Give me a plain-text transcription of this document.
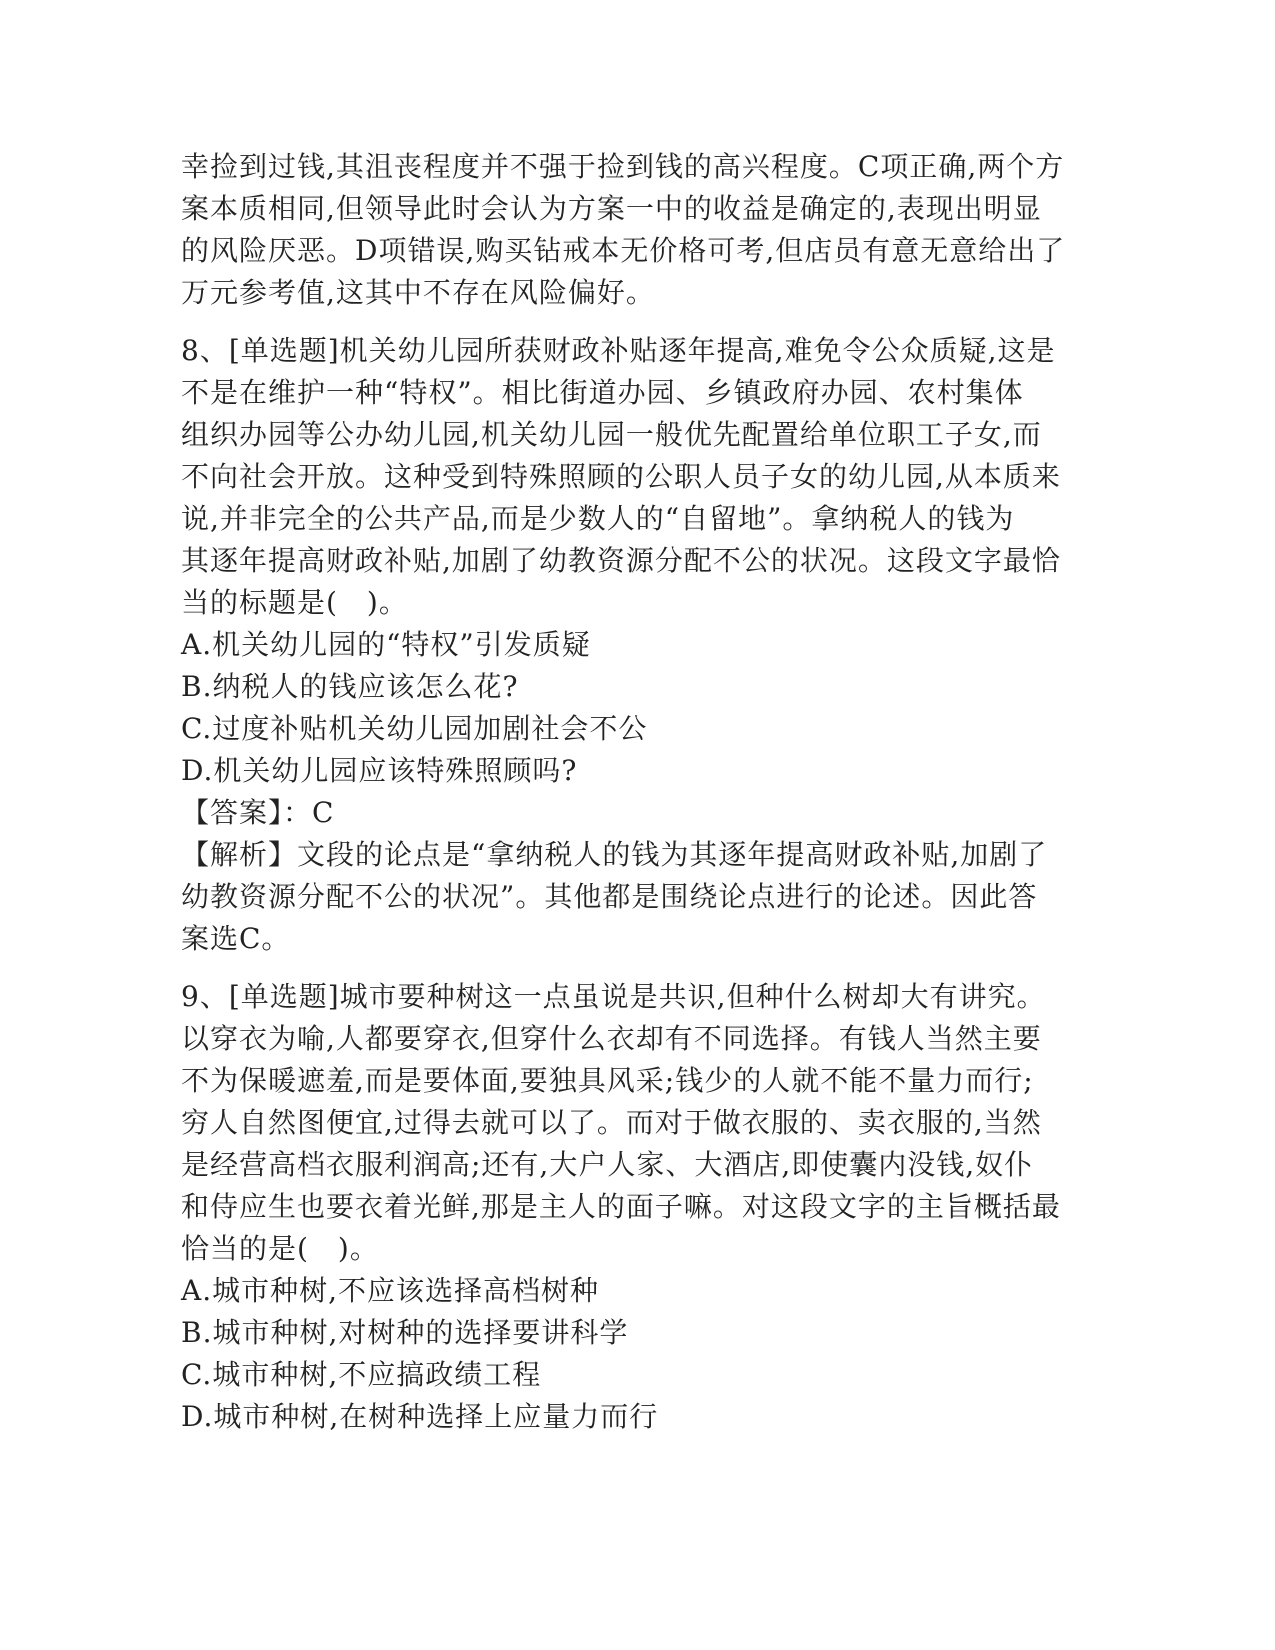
幸捡到过钱,其沮丧程度并不强于捡到钱的高兴程度。C项正确,两个方
案本质相同,但领导此时会认为方案一中的收益是确定的,表现出明显
的风险厌恶。D项错误,购买钻戒本无价格可考,但店员有意无意给出了
万元参考值,这其中不存在风险偏好。
8、[单选题]机关幼儿园所获财政补贴逐年提高,难免令公众质疑,这是
不是在维护一种“特权”。相比街道办园、乡镇政府办园、农村集体
组织办园等公办幼儿园,机关幼儿园一般优先配置给单位职工子女,而
不向社会开放。这种受到特殊照顾的公职人员子女的幼儿园,从本质来
说,并非完全的公共产品,而是少数人的“自留地”。拿纳税人的钱为
其逐年提高财政补贴,加剧了幼教资源分配不公的状况。这段文字最恰
当的标题是(　)。
A.机关幼儿园的“特权”引发质疑
B.纳税人的钱应该怎么花?
C.过度补贴机关幼儿园加剧社会不公
D.机关幼儿园应该特殊照顾吗?
【答案】：C
【解析】文段的论点是“拿纳税人的钱为其逐年提高财政补贴,加剧了
幼教资源分配不公的状况”。其他都是围绕论点进行的论述。因此答
案选C。
9、[单选题]城市要种树这一点虽说是共识,但种什么树却大有讲究。
以穿衣为喻,人都要穿衣,但穿什么衣却有不同选择。有钱人当然主要
不为保暖遮羞,而是要体面,要独具风采;钱少的人就不能不量力而行;
穷人自然图便宜,过得去就可以了。而对于做衣服的、卖衣服的,当然
是经营高档衣服利润高;还有,大户人家、大酒店,即使囊内没钱,奴仆
和侍应生也要衣着光鲜,那是主人的面子嘛。对这段文字的主旨概括最
恰当的是(　)。
A.城市种树,不应该选择高档树种
B.城市种树,对树种的选择要讲科学
C.城市种树,不应搞政绩工程
D.城市种树,在树种选择上应量力而行
